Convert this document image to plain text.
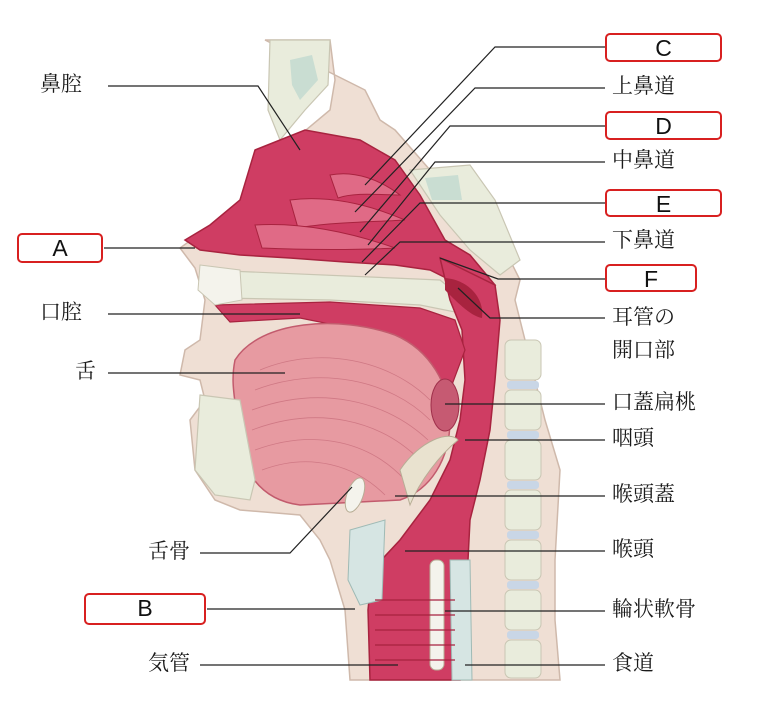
鼻腔
口腔
舌
舌骨
気管
上鼻道
中鼻道
下鼻道
耳管の
開口部
口蓋扁桃
咽頭
喉頭蓋
喉頭
輪状軟骨
食道
A
B
C
D
E
F
